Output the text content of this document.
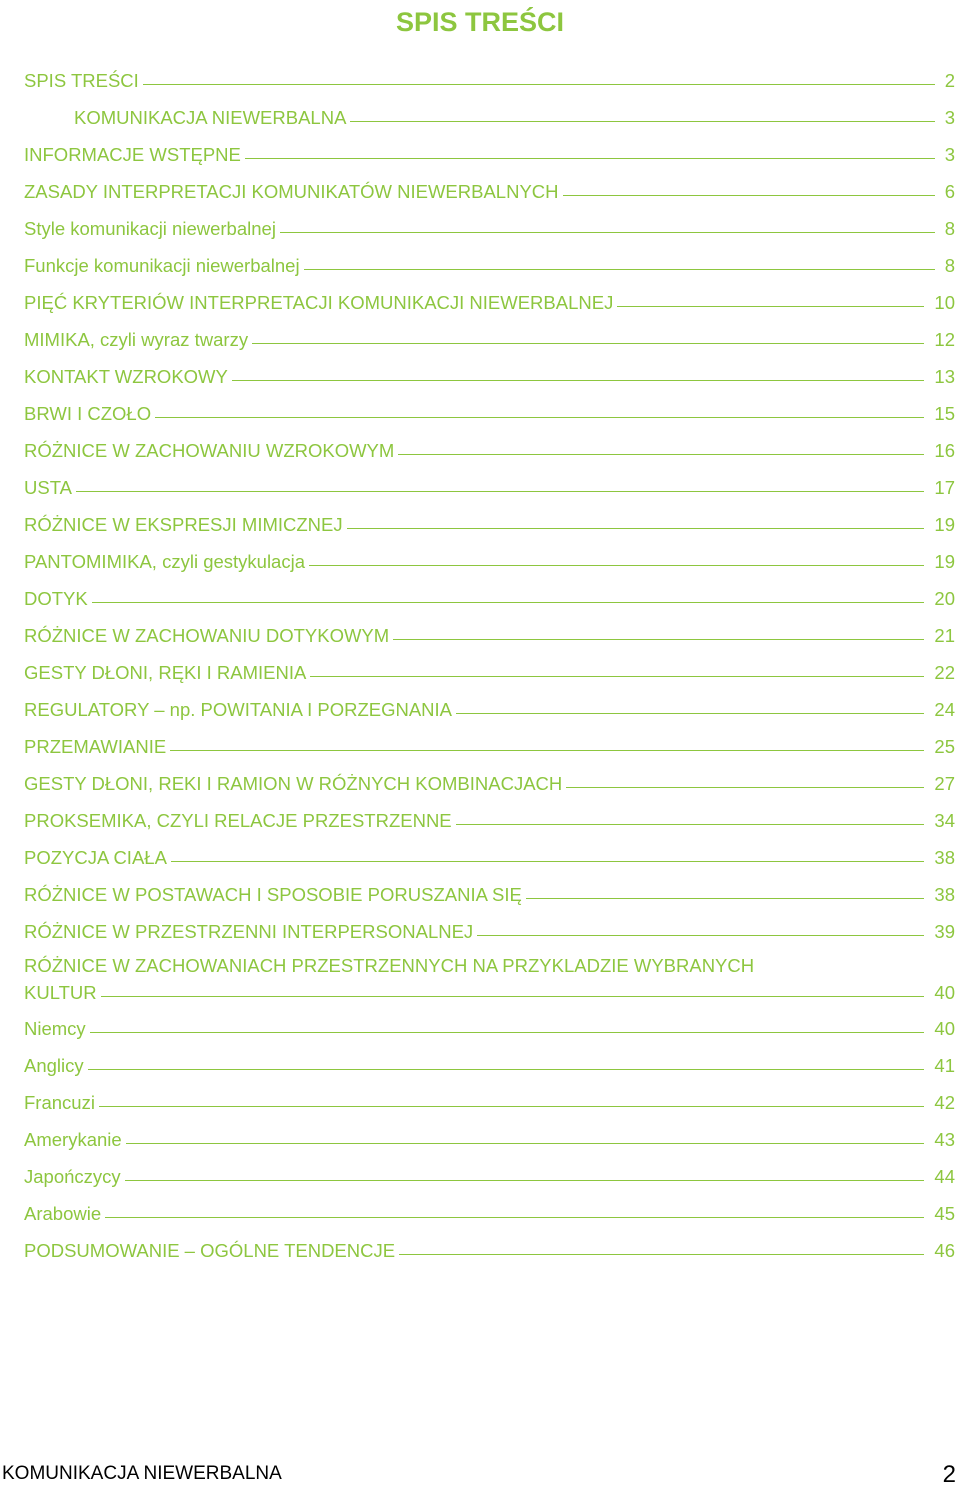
SPIS TREŚCI
SPIS TREŚCI	2
KOMUNIKACJA NIEWERBALNA	3
INFORMACJE WSTĘPNE	3
ZASADY INTERPRETACJI KOMUNIKATÓW NIEWERBALNYCH	6
Style komunikacji niewerbalnej	8
Funkcje komunikacji niewerbalnej	8
PIĘĆ KRYTERIÓW INTERPRETACJI KOMUNIKACJI NIEWERBALNEJ	10
MIMIKA, czyli wyraz twarzy	12
KONTAKT WZROKOWY	13
BRWI I CZOŁO	15
RÓŻNICE W ZACHOWANIU WZROKOWYM	16
USTA	17
RÓŻNICE W EKSPRESJI MIMICZNEJ	19
PANTOMIMIKA, czyli gestykulacja	19
DOTYK	20
RÓŻNICE W ZACHOWANIU DOTYKOWYM	21
GESTY DŁONI, RĘKI I RAMIENIA	22
REGULATORY – np. POWITANIA I PORZEGNANIA	24
PRZEMAWIANIE	25
GESTY DŁONI, REKI I RAMION W RÓŻNYCH KOMBINACJACH	27
PROKSEMIKA, CZYLI RELACJE PRZESTRZENNE	34
POZYCJA CIAŁA	38
RÓŻNICE W POSTAWACH I SPOSOBIE PORUSZANIA SIĘ	38
RÓŻNICE W PRZESTRZENNI INTERPERSONALNEJ	39
RÓŻNICE W ZACHOWANIACH PRZESTRZENNYCH NA PRZYKLADZIE WYBRANYCH
KULTUR	40
Niemcy	40
Anglicy	41
Francuzi	42
Amerykanie	43
Japończycy	44
Arabowie	45
PODSUMOWANIE – OGÓLNE TENDENCJE	46
KOMUNIKACJA NIEWERBALNA	2
